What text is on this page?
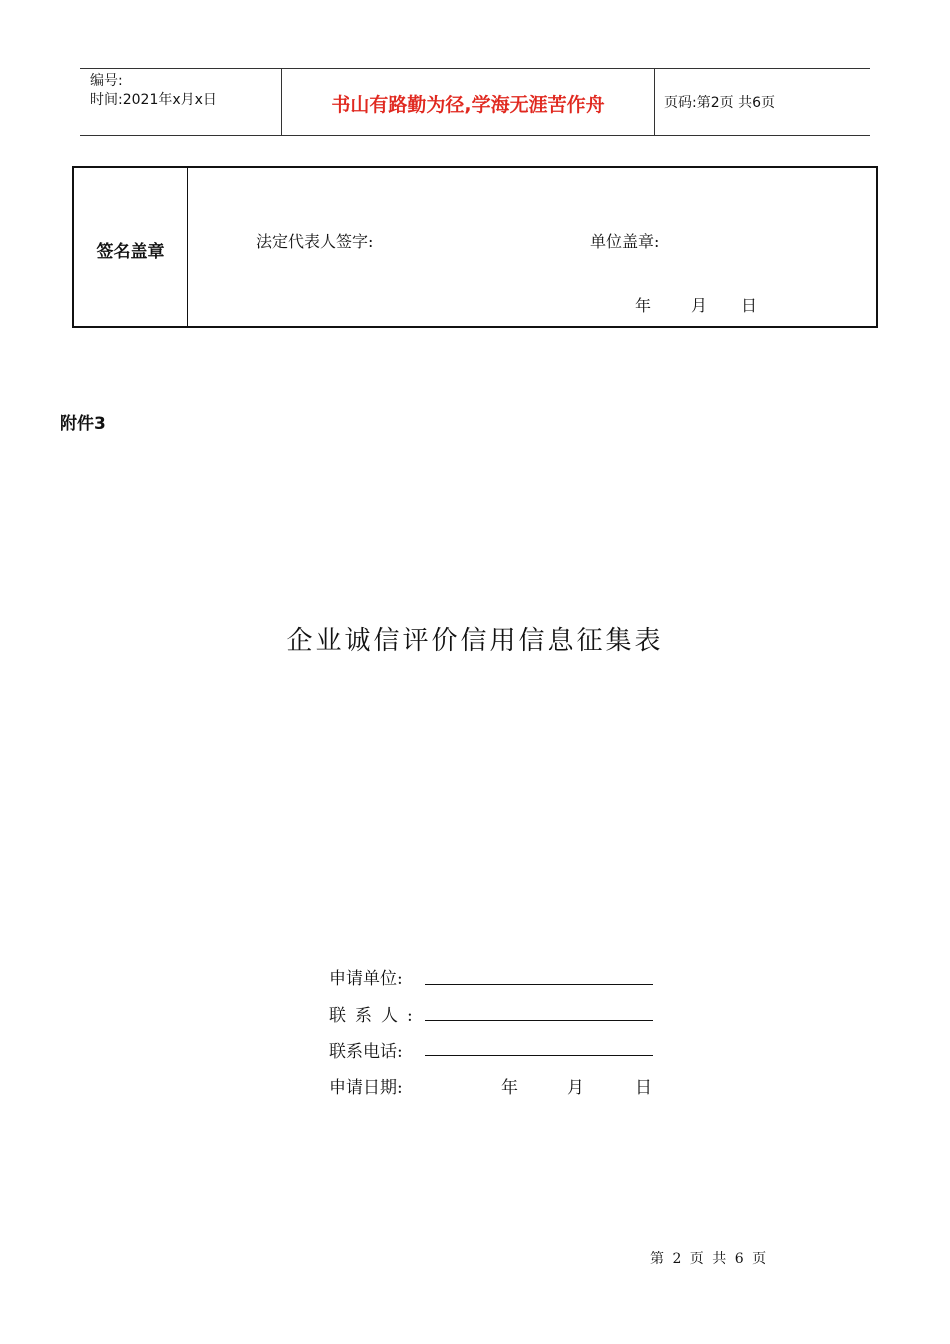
编号:
时间:2021年x月x日	书山有路勤为径,学海无涯苦作舟	页码:第2页 共6页
签名盖章
法定代表人签字:	单位盖章:
年 月 日
附件3
企业诚信评价信用信息征集表
申请单位:
联系人:
联系电话:
申请日期:	年	月	日
第 2 页 共 6 页
